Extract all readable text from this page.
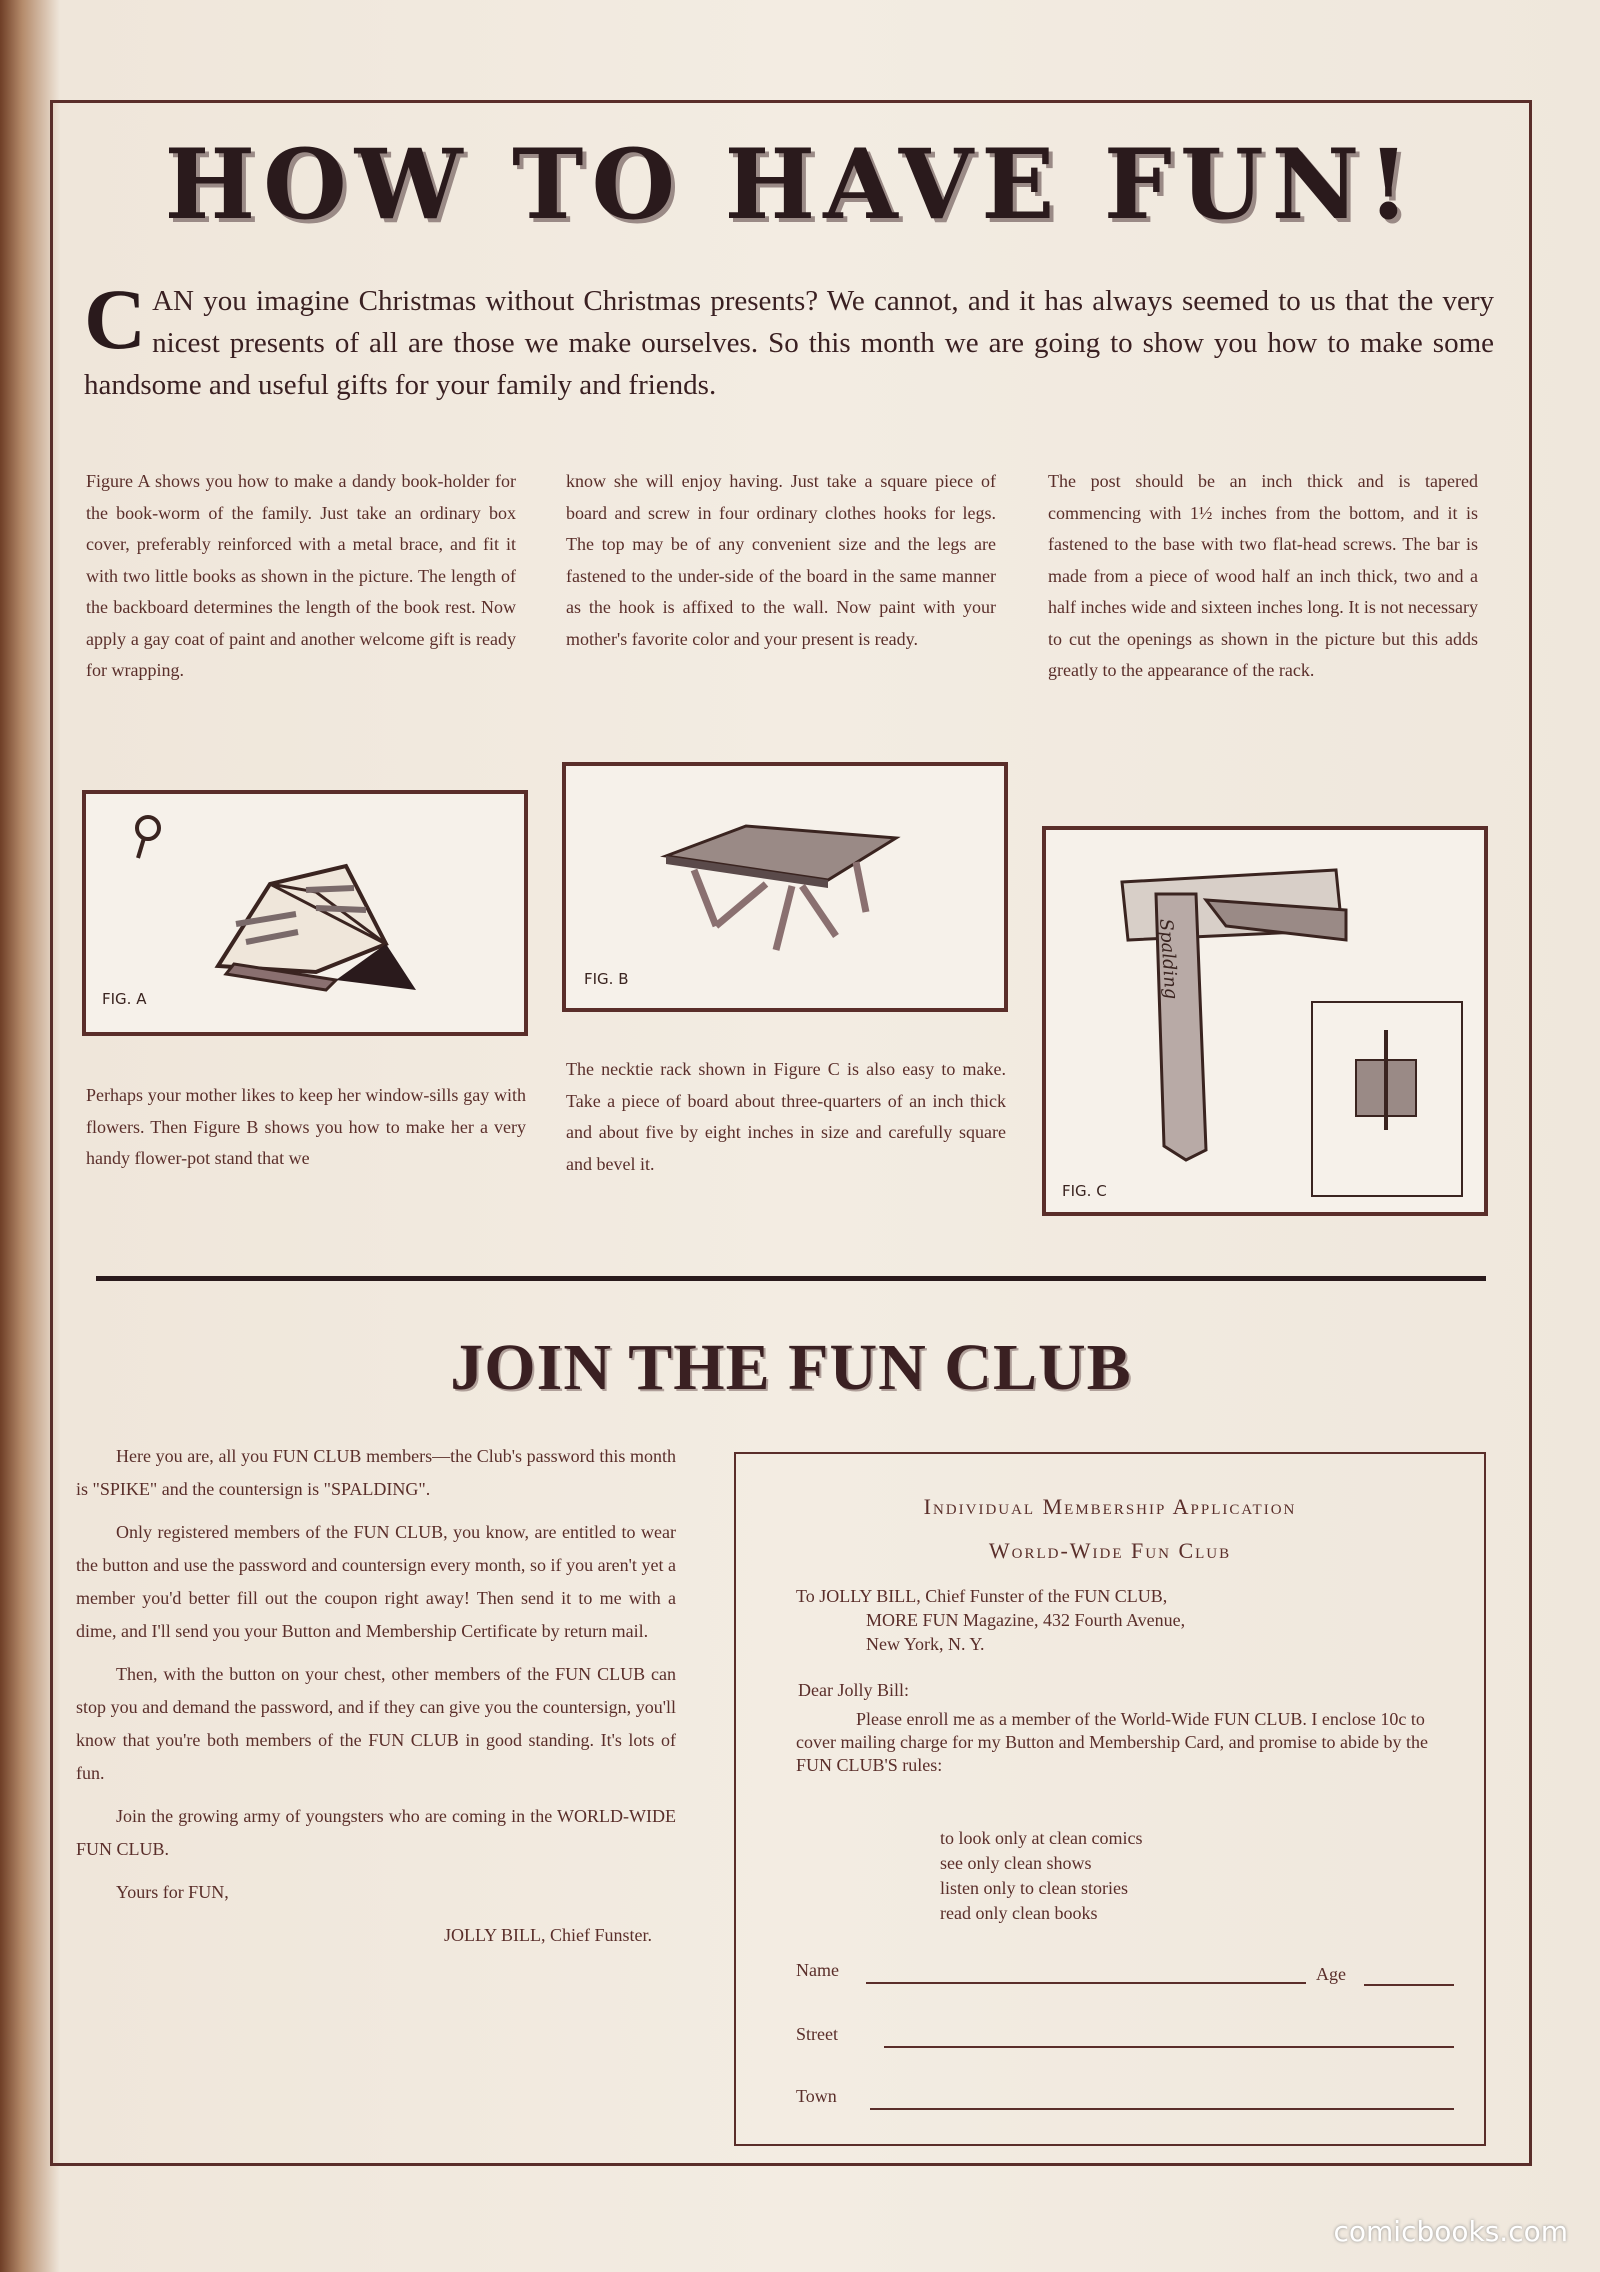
HOW TO HAVE FUN!
CAN you imagine Christmas without Christmas presents? We cannot, and it has always seemed to us that the very nicest presents of all are those we make ourselves. So this month we are going to show you how to make some handsome and useful gifts for your family and friends.
Figure A shows you how to make a dandy book-holder for the book-worm of the family. Just take an ordinary box cover, preferably reinforced with a metal brace, and fit it with two little books as shown in the picture. The length of the backboard determines the length of the book rest. Now apply a gay coat of paint and another welcome gift is ready for wrapping.
know she will enjoy having. Just take a square piece of board and screw in four ordinary clothes hooks for legs. The top may be of any convenient size and the legs are fastened to the under-side of the board in the same manner as the hook is affixed to the wall. Now paint with your mother's favorite color and your present is ready.
The post should be an inch thick and is tapered commencing with 1½ inches from the bottom, and it is fastened to the base with two flat-head screws. The bar is made from a piece of wood half an inch thick, two and a half inches wide and sixteen inches long. It is not necessary to cut the openings as shown in the picture but this adds greatly to the appearance of the rack.
FIG. A
FIG. B	Spalding
FIG. C
Perhaps your mother likes to keep her window-sills gay with flowers. Then Figure B shows you how to make her a very handy flower-pot stand that we
The necktie rack shown in Figure C is also easy to make. Take a piece of board about three-quarters of an inch thick and about five by eight inches in size and carefully square and bevel it.
JOIN THE FUN CLUB

Here you are, all you FUN CLUB members—the Club's password this month is "SPIKE" and the countersign is "SPALDING".

Only registered members of the FUN CLUB, you know, are entitled to wear the button and use the password and countersign every month, so if you aren't yet a member you'd better fill out the coupon right away! Then send it to me with a dime, and I'll send you your Button and Membership Certificate by return mail.

Then, with the button on your chest, other members of the FUN CLUB can stop you and demand the password, and if they can give you the countersign, you'll know that you're both members of the FUN CLUB in good standing. It's lots of fun.

Join the growing army of youngsters who are coming in the WORLD-WIDE FUN CLUB.

Yours for FUN,

JOLLY BILL, Chief Funster.

Individual Membership Application
World-Wide Fun Club
To JOLLY BILL, Chief Funster of the FUN CLUB,
MORE FUN Magazine, 432 Fourth Avenue,
New York, N. Y.
Dear Jolly Bill:
Please enroll me as a member of the World-Wide FUN CLUB. I enclose 10c to cover mailing charge for my Button and Membership Card, and promise to abide by the FUN CLUB'S rules:
to look only at clean comics
see only clean shows
listen only to clean stories
read only clean books
Name	Age
Street
Town
comicbooks.com
